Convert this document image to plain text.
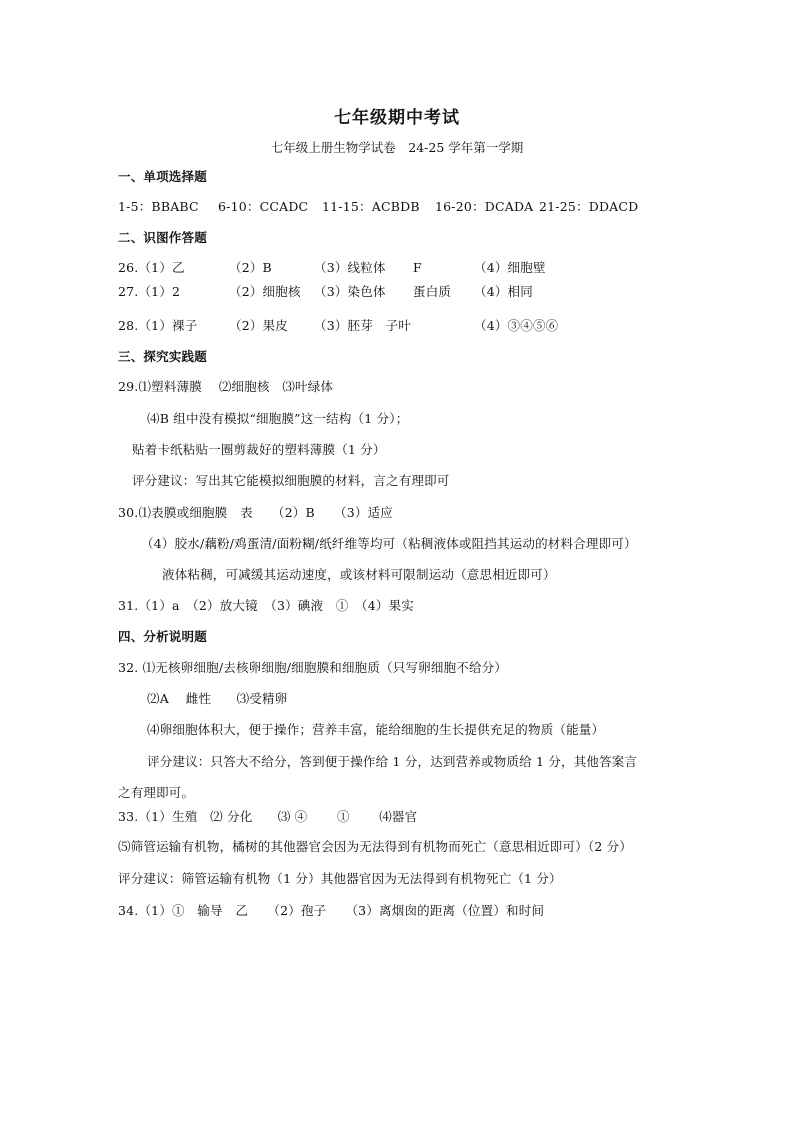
七年级期中考试
七年级上册生物学试卷　24-25 学年第一学期
一、单项选择题
1-5：BBABC 6-10：CCADC 11-15：ACBDB 16-20：DCADA 21-25：DDACD
二、识图作答题
26.（1）乙	（2）B	（3）线粒体 F	（4）细胞壁
27.（1）2	（2）细胞核 （3）染色体 蛋白质 （4）相同
28.（1）裸子	（2）果皮 （3）胚芽　子叶	（4）③④⑤⑥
三、探究实践题
29.⑴塑料薄膜　 ⑵细胞核　⑶叶绿体
⑷B 组中没有模拟“细胞膜”这一结构（1 分）；
贴着卡纸粘贴一圈剪裁好的塑料薄膜（1 分）
评分建议：写出其它能模拟细胞膜的材料，言之有理即可
30.⑴表膜或细胞膜　表　　（2）B　　（3）适应
（4）胶水/藕粉/鸡蛋清/面粉糊/纸纤维等均可（粘稠液体或阻挡其运动的材料合理即可）
液体粘稠，可减缓其运动速度，或该材料可限制运动（意思相近即可）
31.（1）a　（2）放大镜　（3）碘液　①　（4）果实
四、分析说明题
32. ⑴无核卵细胞/去核卵细胞/细胞膜和细胞质（只写卵细胞不给分）
⑵A　 雌性　　⑶受精卵
⑷卵细胞体积大，便于操作；营养丰富，能给细胞的生长提供充足的物质（能量）
评分建议：只答大不给分，答到便于操作给 1 分，达到营养或物质给 1 分，其他答案言
之有理即可。
33.（1）生殖　⑵ 分化　　⑶ ④　　 ①　　 ⑷器官
⑸筛管运输有机物，橘树的其他器官会因为无法得到有机物而死亡（意思相近即可）（2 分）
评分建议：筛管运输有机物（1 分）其他器官因为无法得到有机物死亡（1 分）
34.（1）①　输导　乙　　（2）孢子　　（3）离烟囱的距离（位置）和时间
